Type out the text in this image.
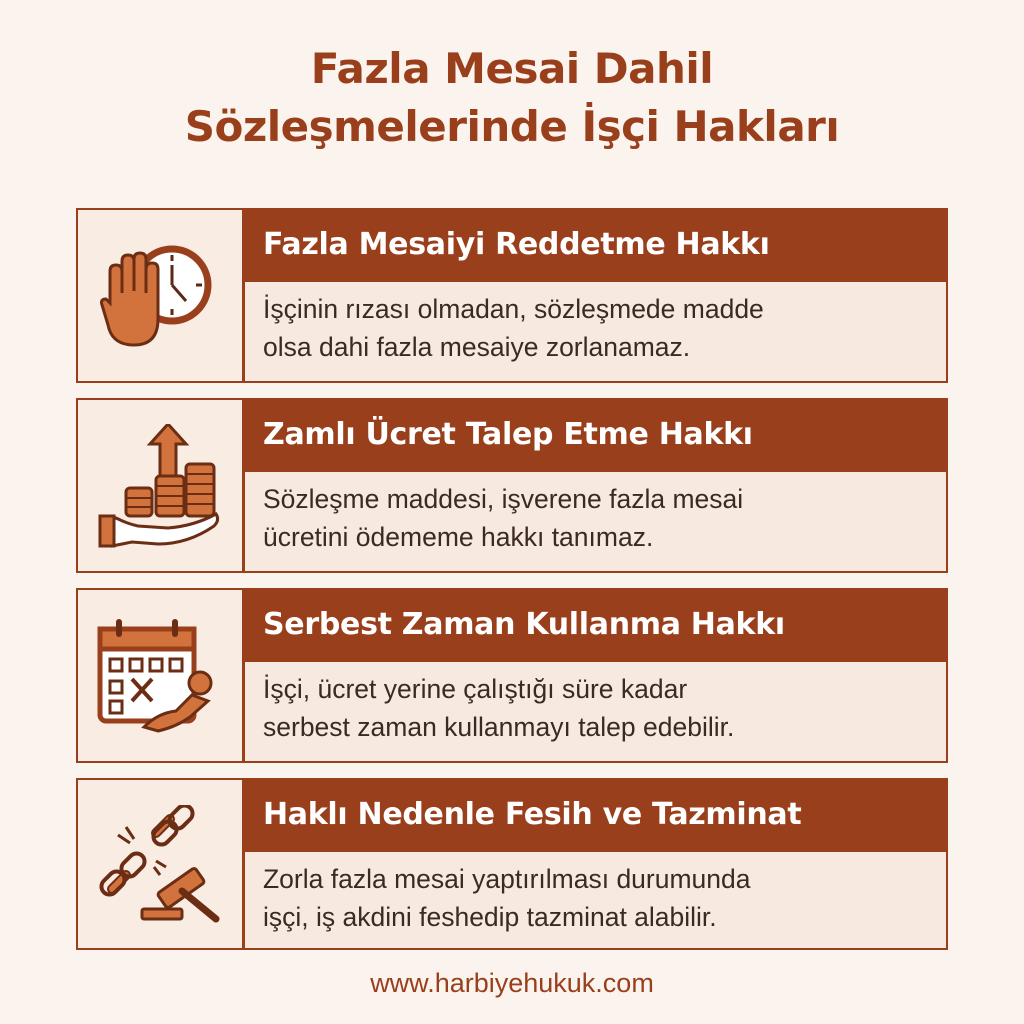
Fazla Mesai Dahil
Sözleşmelerinde İşçi Hakları
Fazla Mesaiyi Reddetme Hakkı
İşçinin rızası olmadan, sözleşmede madde
olsa dahi fazla mesaiye zorlanamaz.
Zamlı Ücret Talep Etme Hakkı
Sözleşme maddesi, işverene fazla mesai
ücretini ödememe hakkı tanımaz.
Serbest Zaman Kullanma Hakkı
İşçi, ücret yerine çalıştığı süre kadar
serbest zaman kullanmayı talep edebilir.
Haklı Nedenle Fesih ve Tazminat
Zorla fazla mesai yaptırılması durumunda
işçi, iş akdini feshedip tazminat alabilir.
www.harbiyehukuk.com
